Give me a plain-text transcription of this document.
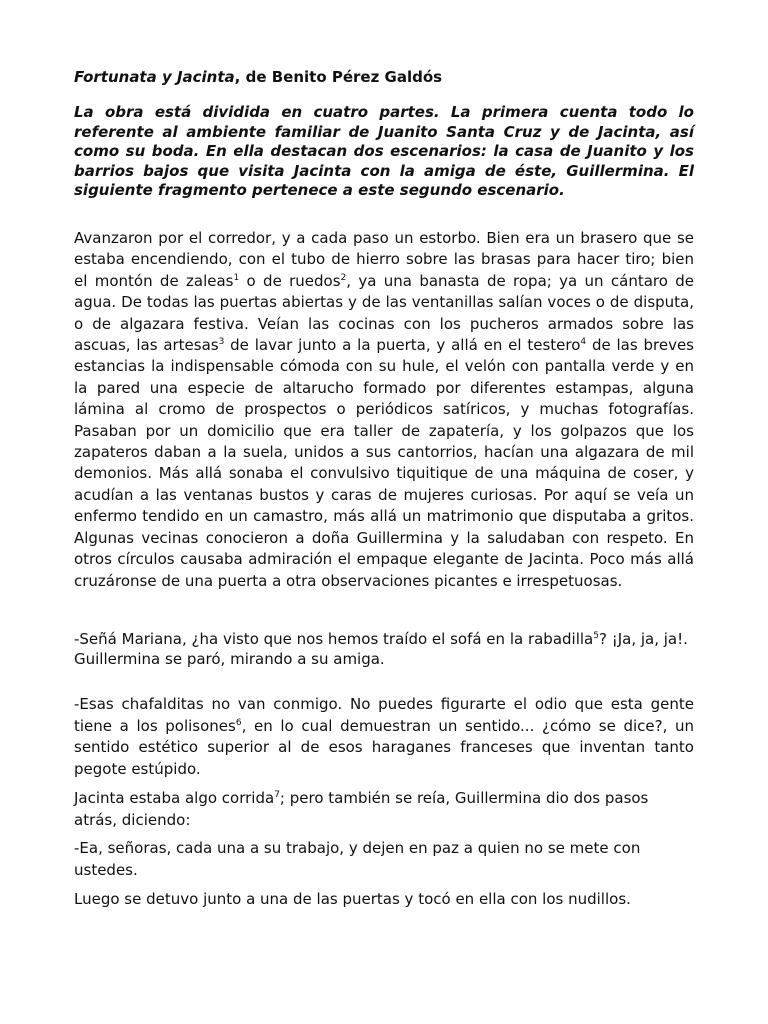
Fortunata y Jacinta, de Benito Pérez Galdós

La obra está dividida en cuatro partes. La primera cuenta todo lo referente al ambiente familiar de Juanito Santa Cruz y de Jacinta, así como su boda. En ella destacan dos escenarios: la casa de Juanito y los barrios bajos que visita Jacinta con la amiga de éste, Guillermina. El siguiente fragmento pertenece a este segundo escenario.

Avanzaron por el corredor, y a cada paso un estorbo. Bien era un brasero que se estaba encendiendo, con el tubo de hierro sobre las brasas para hacer tiro; bien el montón de zaleas$^1$ o de ruedos$^2$, ya una banasta de ropa; ya un cántaro de agua. De todas las puertas abiertas y de las ventanillas salían voces o de disputa, o de algazara festiva. Veían las cocinas con los pucheros armados sobre las ascuas, las artesas$^3$ de lavar junto a la puerta, y allá en el testero$^4$ de las breves estancias la indispensable cómoda con su hule, el velón con pantalla verde y en la pared una especie de altarucho formado por diferentes estampas, alguna lámina al cromo de prospectos o periódicos satíricos, y muchas fotografías. Pasaban por un domicilio que era taller de zapatería, y los golpazos que los zapateros daban a la suela, unidos a sus cantorrios, hacían una algazara de mil demonios. Más allá sonaba el convulsivo tiquitique de una máquina de coser, y acudían a las ventanas bustos y caras de mujeres curiosas. Por aquí se veía un enfermo tendido en un camastro, más allá un matrimonio que disputaba a gritos. Algunas vecinas conocieron a doña Guillermina y la saludaban con respeto. En otros círculos causaba admiración el empaque elegante de Jacinta. Poco más allá cruzáronse de una puerta a otra observaciones picantes e irrespetuosas.

-Señá Mariana, ¿ha visto que nos hemos traído el sofá en la rabadilla$^5$? ¡Ja, ja, ja!.
Guillermina se paró, mirando a su amiga.

-Esas chafalditas no van conmigo. No puedes figurarte el odio que esta gente tiene a los polisones$^6$, en lo cual demuestran un sentido... ¿cómo se dice?, un sentido estético superior al de esos haraganes franceses que inventan tanto pegote estúpido.

Jacinta estaba algo corrida$^7$; pero también se reía, Guillermina dio dos pasos atrás, diciendo:

-Ea, señoras, cada una a su trabajo, y dejen en paz a quien no se mete con ustedes.

Luego se detuvo junto a una de las puertas y tocó en ella con los nudillos.
